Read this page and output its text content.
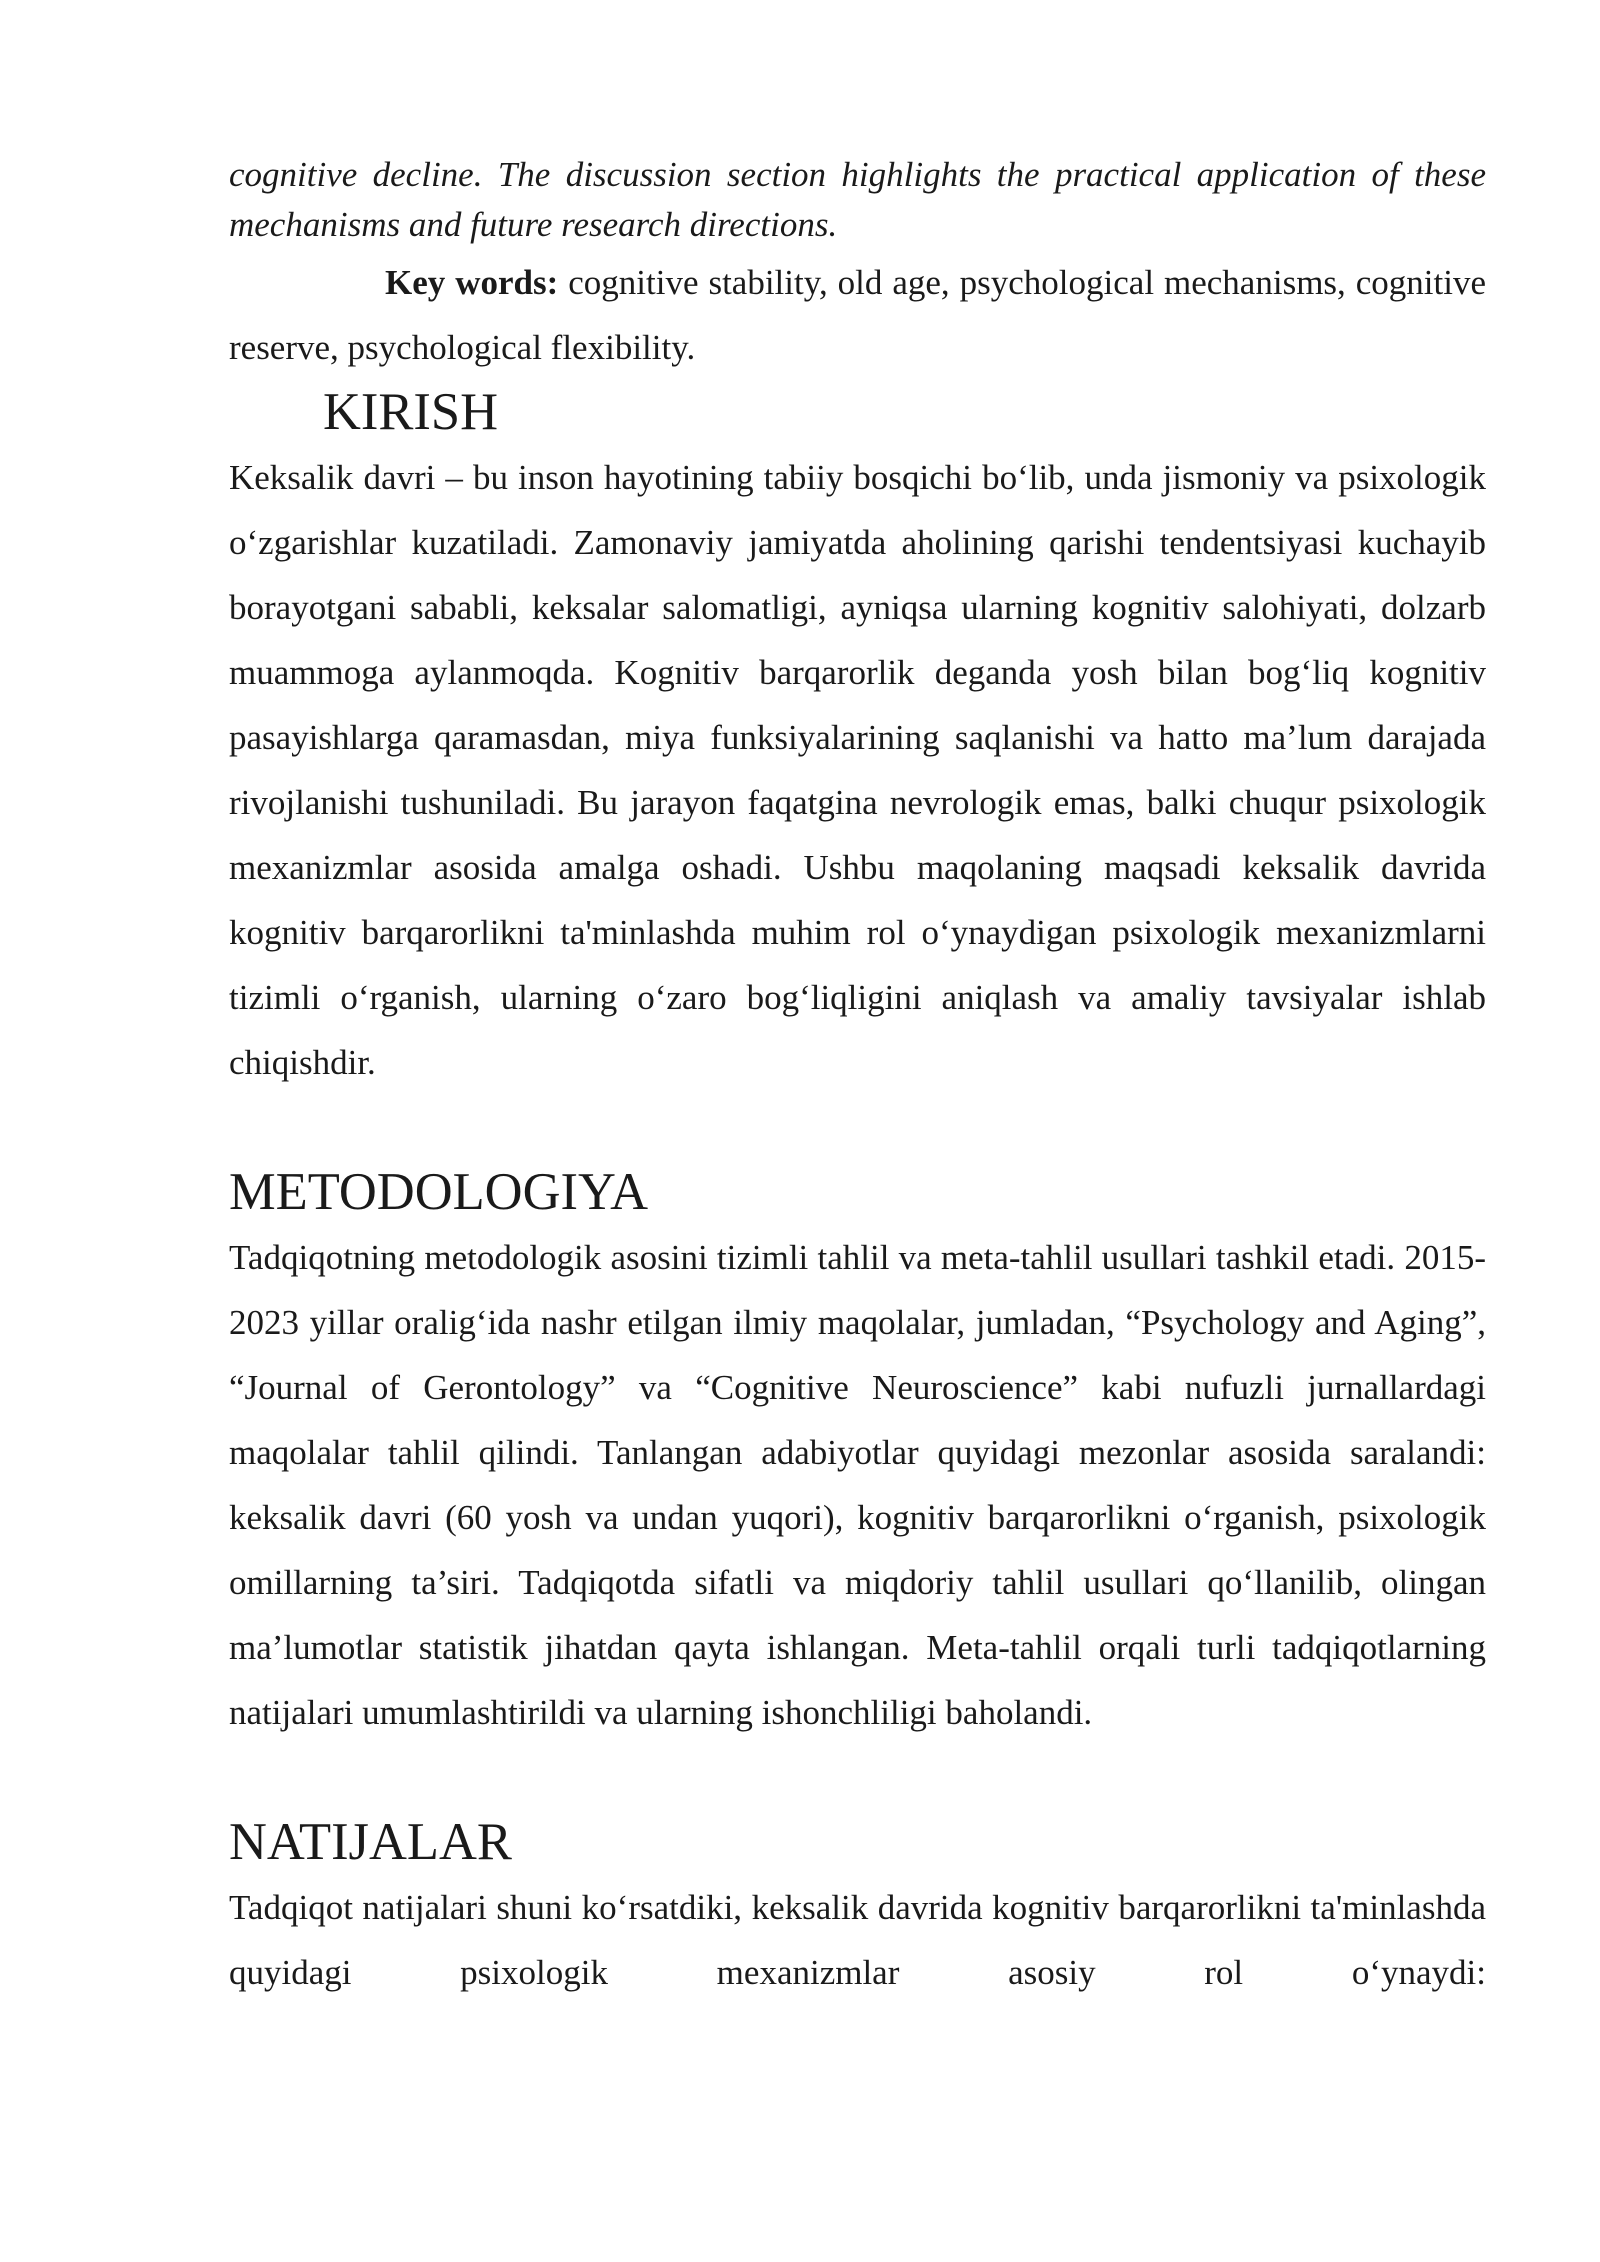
cognitive decline. The discussion section highlights the practical application of these mechanisms and future research directions.

Key words: cognitive stability, old age, psychological mechanisms, cognitive reserve, psychological flexibility.

KIRISH

Keksalik davri – bu inson hayotining tabiiy bosqichi bo‘lib, unda jismoniy va psixologik o‘zgarishlar kuzatiladi. Zamonaviy jamiyatda aholining qarishi tendentsiyasi kuchayib borayotgani sababli, keksalar salomatligi, ayniqsa ularning kognitiv salohiyati, dolzarb muammoga aylanmoqda. Kognitiv barqarorlik deganda yosh bilan bog‘liq kognitiv pasayishlarga qaramasdan, miya funksiyalarining saqlanishi va hatto ma’lum darajada rivojlanishi tushuniladi. Bu jarayon faqatgina nevrologik emas, balki chuqur psixologik mexanizmlar asosida amalga oshadi. Ushbu maqolaning maqsadi keksalik davrida kognitiv barqarorlikni ta'minlashda muhim rol o‘ynaydigan psixologik mexanizmlarni tizimli o‘rganish, ularning o‘zaro bog‘liqligini aniqlash va amaliy tavsiyalar ishlab chiqishdir.

METODOLOGIYA

Tadqiqotning metodologik asosini tizimli tahlil va meta-tahlil usullari tashkil etadi. 2015-2023 yillar oralig‘ida nashr etilgan ilmiy maqolalar, jumladan, “Psychology and Aging”, “Journal of Gerontology” va “Cognitive Neuroscience” kabi nufuzli jurnallardagi maqolalar tahlil qilindi. Tanlangan adabiyotlar quyidagi mezonlar asosida saralandi: keksalik davri (60 yosh va undan yuqori), kognitiv barqarorlikni o‘rganish, psixologik omillarning ta’siri. Tadqiqotda sifatli va miqdoriy tahlil usullari qo‘llanilib, olingan ma’lumotlar statistik jihatdan qayta ishlangan. Meta-tahlil orqali turli tadqiqotlarning natijalari umumlashtirildi va ularning ishonchliligi baholandi.

NATIJALAR

Tadqiqot natijalari shuni ko‘rsatdiki, keksalik davrida kognitiv barqarorlikni ta'minlashda quyidagi psixologik mexanizmlar asosiy rol o‘ynaydi:
